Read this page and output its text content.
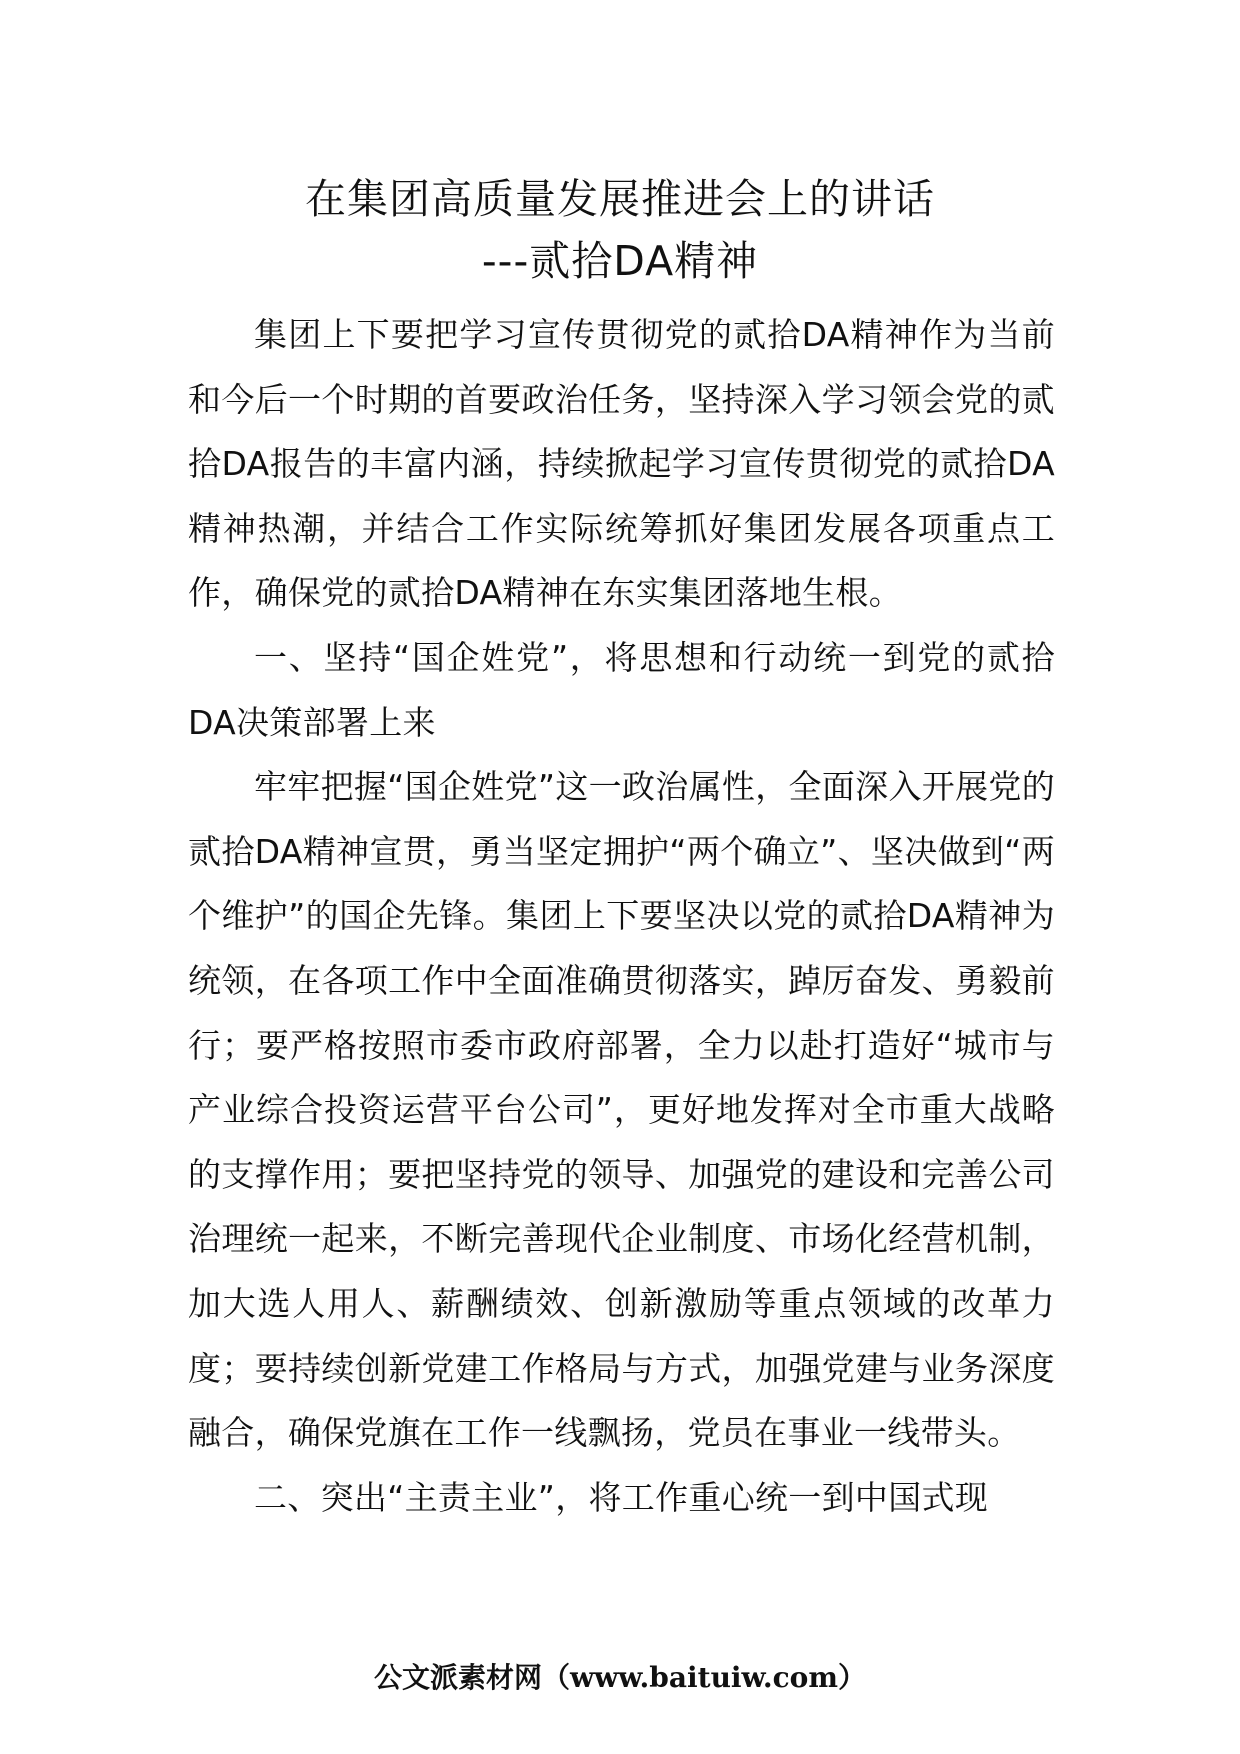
在集团高质量发展推进会上的讲话
---贰拾DA精神

集团上下要把学习宣传贯彻党的贰拾DA精神作为当前和今后一个时期的首要政治任务，坚持深入学习领会党的贰拾DA报告的丰富内涵，持续掀起学习宣传贯彻党的贰拾DA精神热潮，并结合工作实际统筹抓好集团发展各项重点工作，确保党的贰拾DA精神在东实集团落地生根。

一、坚持“国企姓党”，将思想和行动统一到党的贰拾DA决策部署上来

牢牢把握“国企姓党”这一政治属性，全面深入开展党的贰拾DA精神宣贯，勇当坚定拥护“两个确立”、坚决做到“两个维护”的国企先锋。集团上下要坚决以党的贰拾DA精神为统领，在各项工作中全面准确贯彻落实，踔厉奋发、勇毅前行；要严格按照市委市政府部署，全力以赴打造好“城市与产业综合投资运营平台公司”，更好地发挥对全市重大战略的支撑作用；要把坚持党的领导、加强党的建设和完善公司治理统一起来，不断完善现代企业制度、市场化经营机制，加大选人用人、薪酬绩效、创新激励等重点领域的改革力度；要持续创新党建工作格局与方式，加强党建与业务深度融合，确保党旗在工作一线飘扬，党员在事业一线带头。

二、突出“主责主业”，将工作重心统一到中国式现

公文派素材网（www.baituiw.com）
